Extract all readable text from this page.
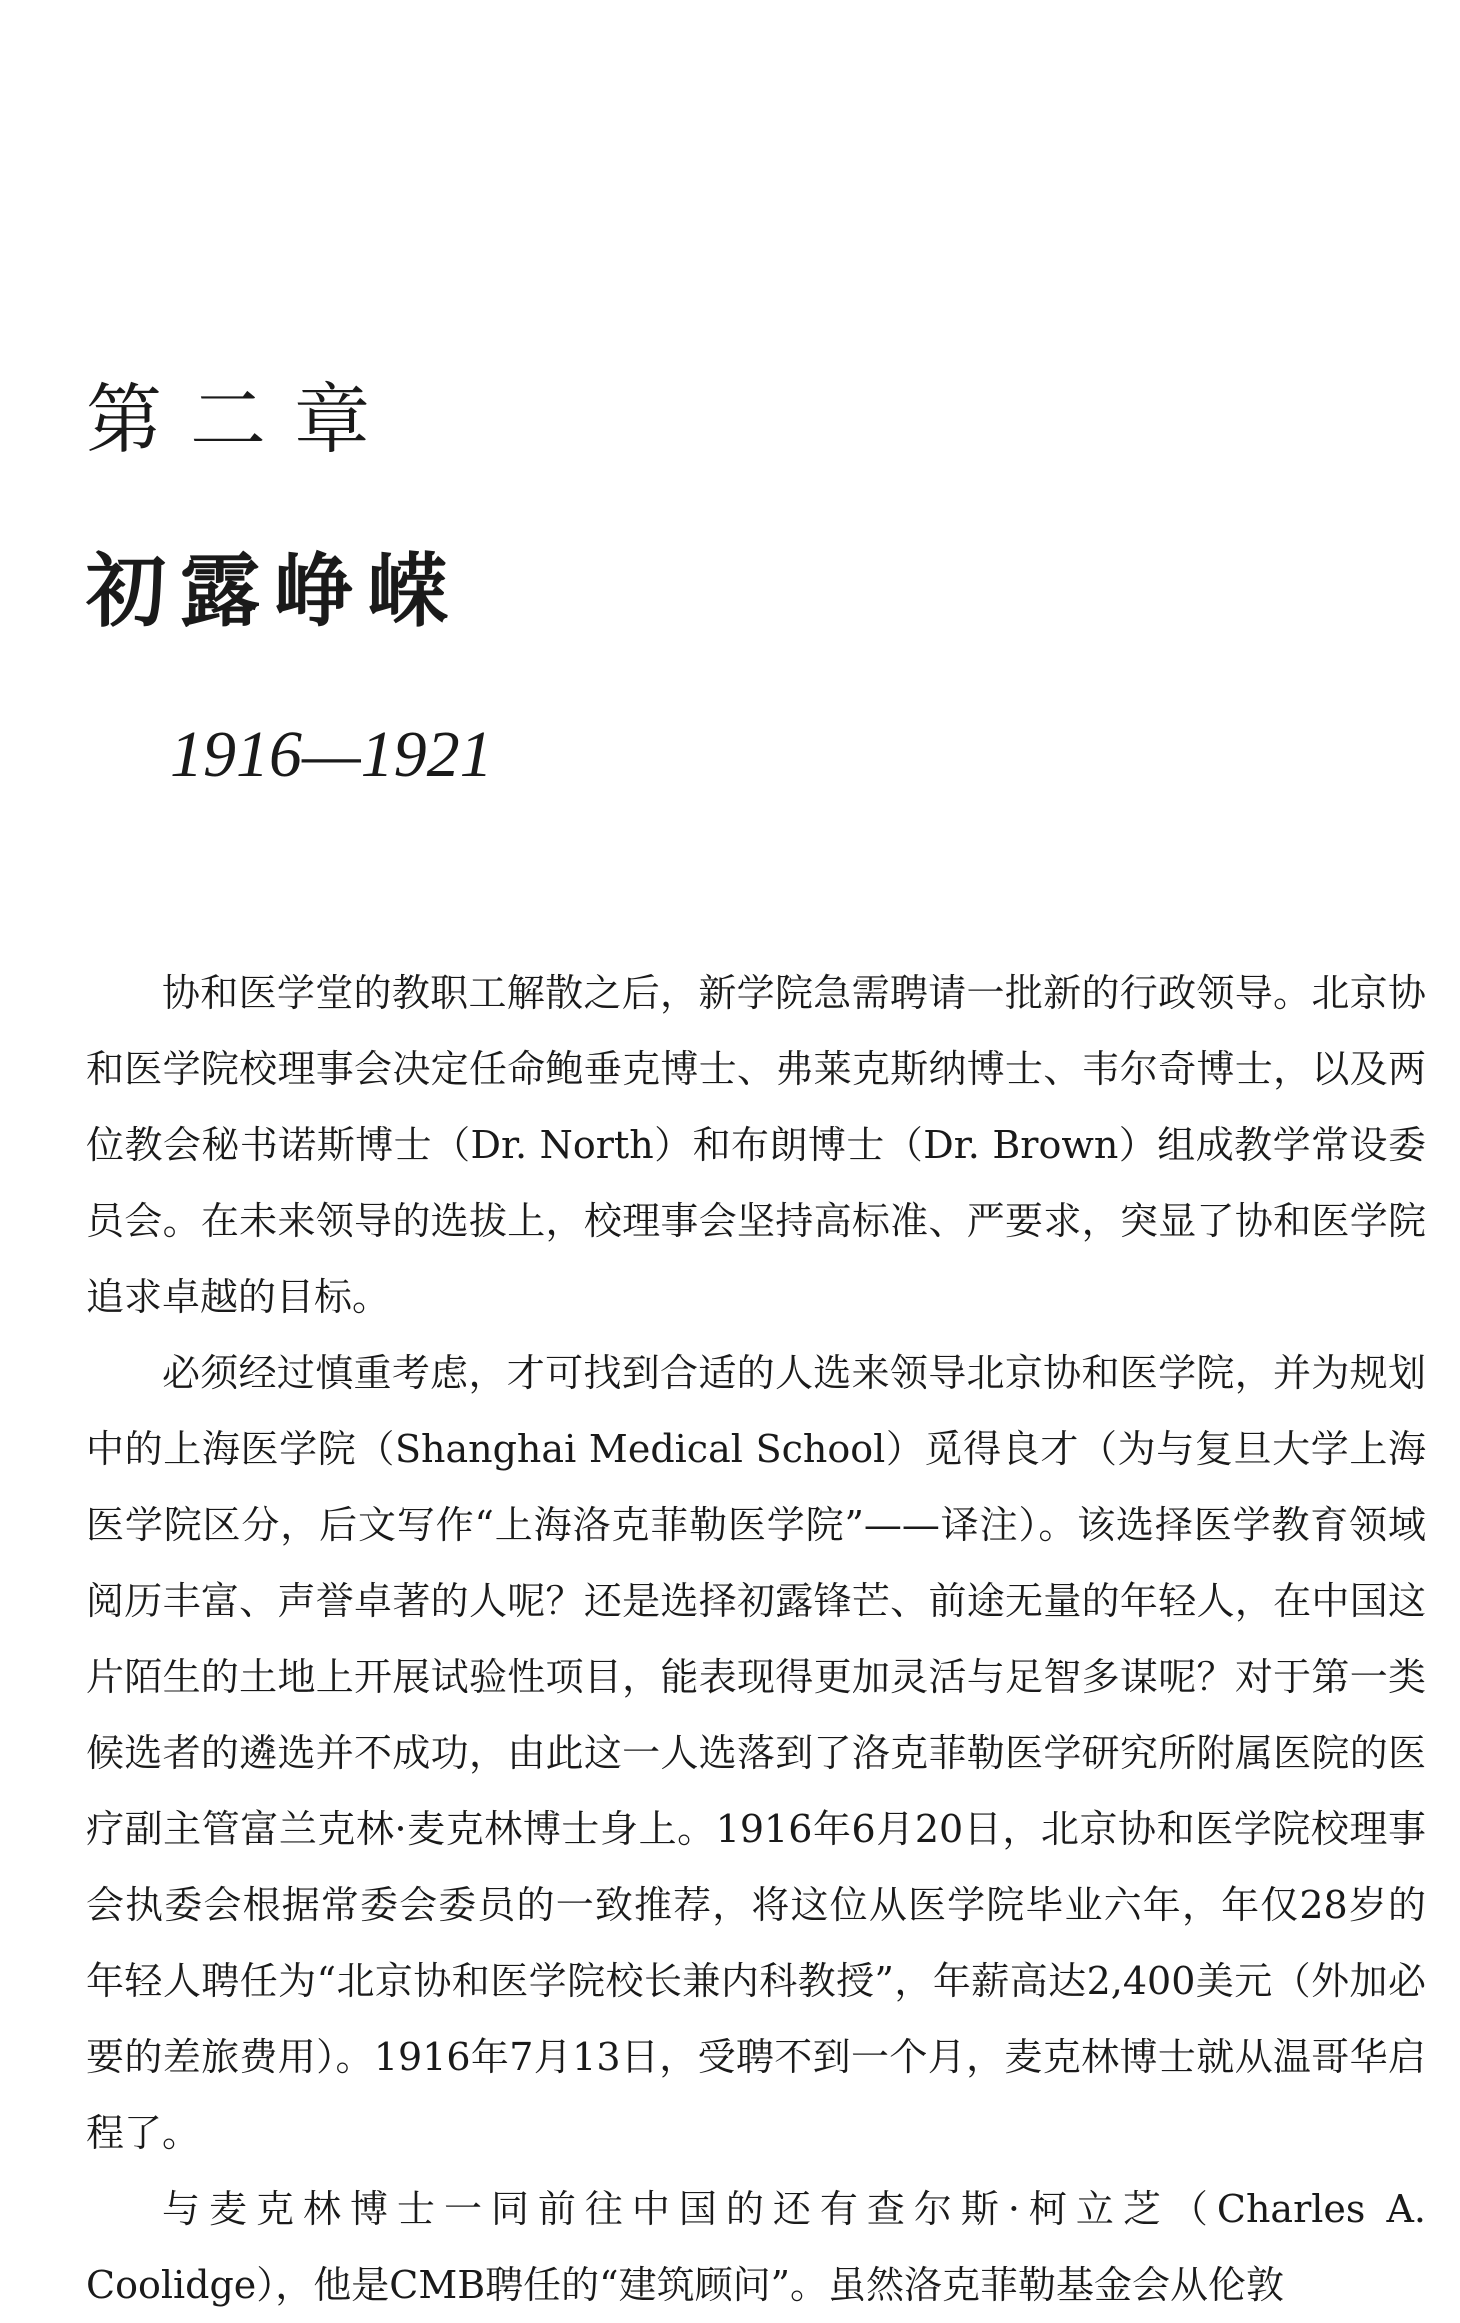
第二章
初露峥嵘
1916—1921

协和医学堂的教职工解散之后，新学院急需聘请一批新的行政领导。北京协和医学院校理事会决定任命鲍垂克博士、弗莱克斯纳博士、韦尔奇博士，以及两位教会秘书诺斯博士（Dr. North）和布朗博士（Dr. Brown）组成教学常设委员会。在未来领导的选拔上，校理事会坚持高标准、严要求，突显了协和医学院追求卓越的目标。

必须经过慎重考虑，才可找到合适的人选来领导北京协和医学院，并为规划中的上海医学院（Shanghai Medical School）觅得良才（为与复旦大学上海医学院区分，后文写作“上海洛克菲勒医学院”——译注）。该选择医学教育领域阅历丰富、声誉卓著的人呢？还是选择初露锋芒、前途无量的年轻人，在中国这片陌生的土地上开展试验性项目，能表现得更加灵活与足智多谋呢？对于第一类候选者的遴选并不成功，由此这一人选落到了洛克菲勒医学研究所附属医院的医疗副主管富兰克林·麦克林博士身上。1916年6月20日，北京协和医学院校理事会执委会根据常委会委员的一致推荐，将这位从医学院毕业六年，年仅28岁的年轻人聘任为“北京协和医学院校长兼内科教授”，年薪高达2,400美元（外加必要的差旅费用）。1916年7月13日，受聘不到一个月，麦克林博士就从温哥华启程了。

与麦克林博士一同前往中国的还有查尔斯·柯立芝（Charles A. Coolidge），他是CMB聘任的“建筑顾问”。虽然洛克菲勒基金会从伦敦
